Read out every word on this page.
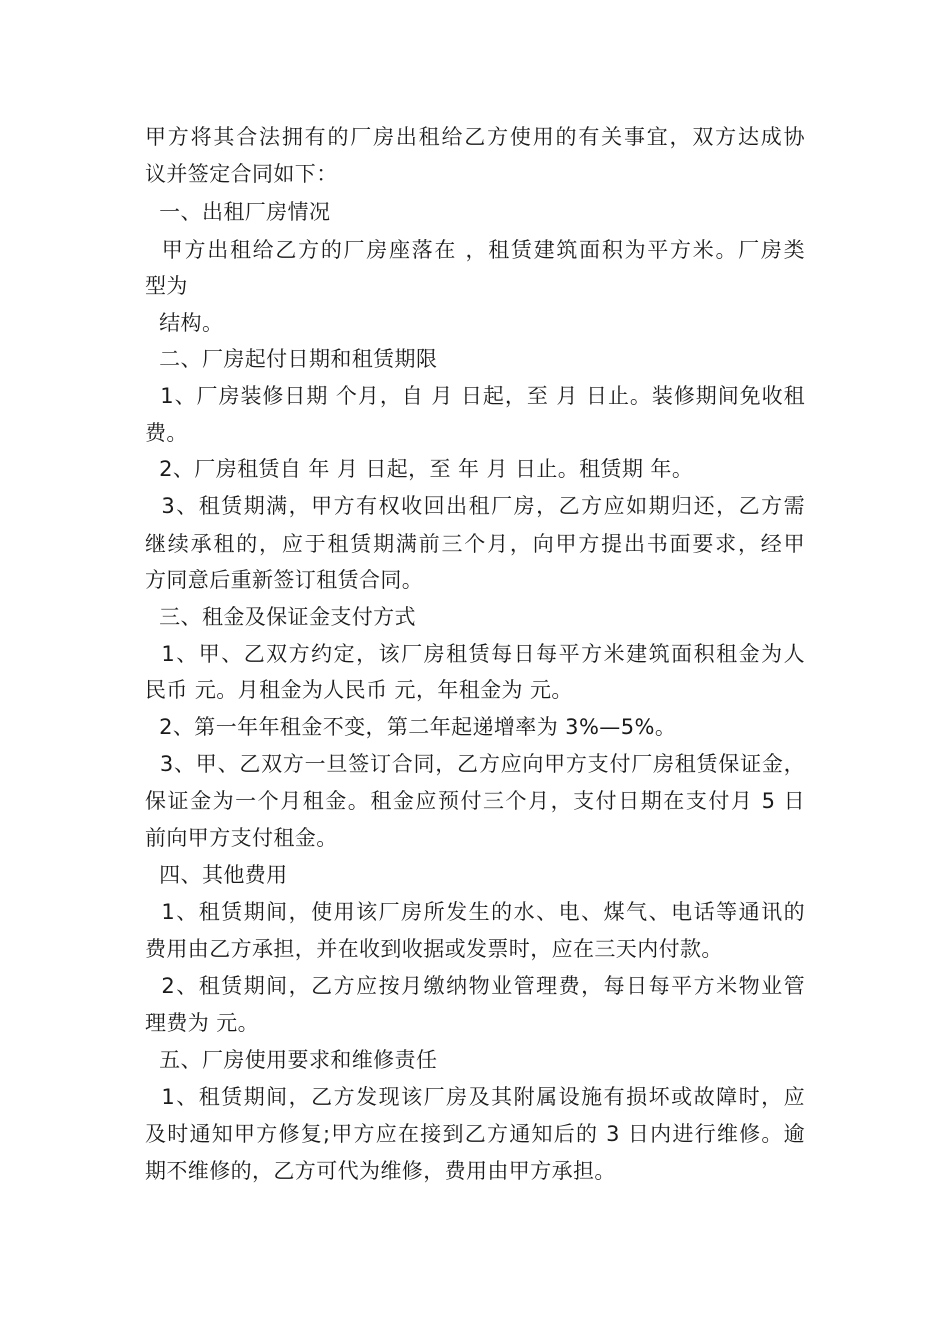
甲方将其合法拥有的厂房出租给乙方使用的有关事宜，双方达成协
议并签定合同如下：
一、出租厂房情况
甲方出租给乙方的厂房座落在 ，租赁建筑面积为平方米。厂房类
型为
结构。
二、厂房起付日期和租赁期限
1、厂房装修日期 个月，自 月 日起，至 月 日止。装修期间免收租
费。
2、厂房租赁自 年 月 日起，至 年 月 日止。租赁期 年。
3、租赁期满，甲方有权收回出租厂房，乙方应如期归还，乙方需
继续承租的，应于租赁期满前三个月，向甲方提出书面要求，经甲
方同意后重新签订租赁合同。
三、租金及保证金支付方式
1、甲、乙双方约定，该厂房租赁每日每平方米建筑面积租金为人
民币 元。月租金为人民币 元，年租金为 元。
2、第一年年租金不变，第二年起递增率为 3%—5%。
3、甲、乙双方一旦签订合同，乙方应向甲方支付厂房租赁保证金，
保证金为一个月租金。租金应预付三个月，支付日期在支付月 5 日
前向甲方支付租金。
四、其他费用
1、租赁期间，使用该厂房所发生的水、电、煤气、电话等通讯的
费用由乙方承担，并在收到收据或发票时，应在三天内付款。
2、租赁期间，乙方应按月缴纳物业管理费，每日每平方米物业管
理费为 元。
五、厂房使用要求和维修责任
1、租赁期间，乙方发现该厂房及其附属设施有损坏或故障时，应
及时通知甲方修复;甲方应在接到乙方通知后的 3 日内进行维修。逾
期不维修的，乙方可代为维修，费用由甲方承担。
